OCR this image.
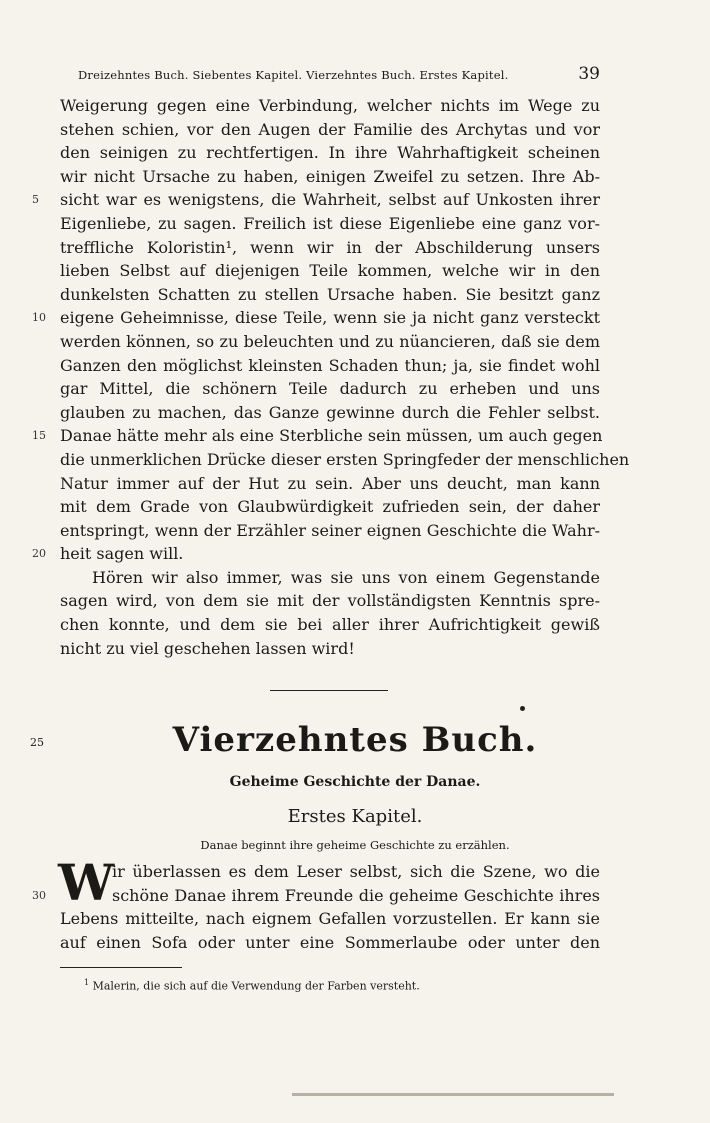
Dreizehntes Buch. Siebentes Kapitel. Vierzehntes Buch. Erstes Kapitel.	39
Weigerung gegen eine Verbindung, welcher nichts im Wege zu
stehen schien, vor den Augen der Familie des Archytas und vor
den seinigen zu rechtfertigen. In ihre Wahrhaftigkeit scheinen
wir nicht Ursache zu haben, einigen Zweifel zu setzen. Ihre Ab-
5	sicht war es wenigstens, die Wahrheit, selbst auf Unkosten ihrer
Eigenliebe, zu sagen. Freilich ist diese Eigenliebe eine ganz vor-
treffliche Koloristin¹, wenn wir in der Abschilderung unsers
lieben Selbst auf diejenigen Teile kommen, welche wir in den
dunkelsten Schatten zu stellen Ursache haben. Sie besitzt ganz
10 eigene Geheimnisse, diese Teile, wenn sie ja nicht ganz versteckt
werden können, so zu beleuchten und zu nüancieren, daß sie dem
Ganzen den möglichst kleinsten Schaden thun; ja, sie findet wohl
gar Mittel, die schönern Teile dadurch zu erheben und uns
glauben zu machen, das Ganze gewinne durch die Fehler selbst.
15 Danae hätte mehr als eine Sterbliche sein müssen, um auch gegen
die unmerklichen Drücke dieser ersten Springfeder der menschlichen
Natur immer auf der Hut zu sein. Aber uns deucht, man kann
mit dem Grade von Glaubwürdigkeit zufrieden sein, der daher
entspringt, wenn der Erzähler seiner eignen Geschichte die Wahr-
20 heit sagen will.
Hören wir also immer, was sie uns von einem Gegenstande
sagen wird, von dem sie mit der vollständigsten Kenntnis spre-
chen konnte, und dem sie bei aller ihrer Aufrichtigkeit gewiß
nicht zu viel geschehen lassen wird!
25	Vierzehntes Buch.
Geheime Geschichte der Danae.
Erstes Kapitel.
Danae beginnt ihre geheime Geschichte zu erzählen.
W
ir überlassen es dem Leser selbst, sich die Szene, wo die
30	schöne Danae ihrem Freunde die geheime Geschichte ihres
Lebens mitteilte, nach eignem Gefallen vorzustellen. Er kann sie
auf einen Sofa oder unter eine Sommerlaube oder unter den
$^1$ Malerin, die sich auf die Verwendung der Farben versteht.
